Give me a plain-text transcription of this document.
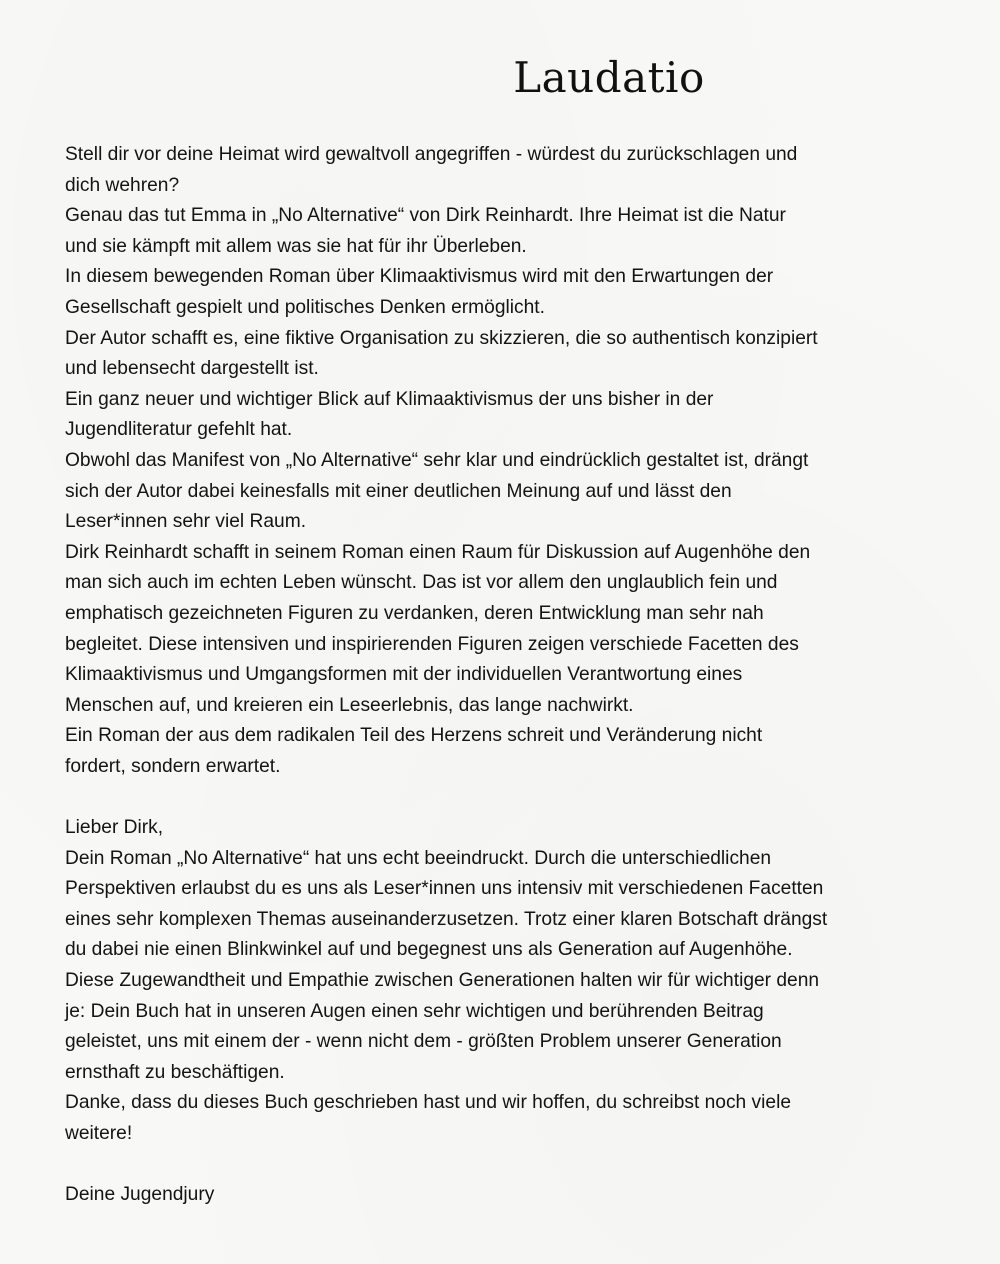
Laudatio
Stell dir vor deine Heimat wird gewaltvoll angegriffen - würdest du zurückschlagen und
dich wehren?
Genau das tut Emma in „No Alternative“ von Dirk Reinhardt. Ihre Heimat ist die Natur
und sie kämpft mit allem was sie hat für ihr Überleben.
In diesem bewegenden Roman über Klimaaktivismus wird mit den Erwartungen der
Gesellschaft gespielt und politisches Denken ermöglicht.
Der Autor schafft es, eine fiktive Organisation zu skizzieren, die so authentisch konzipiert
und lebensecht dargestellt ist.
Ein ganz neuer und wichtiger Blick auf Klimaaktivismus der uns bisher in der
Jugendliteratur gefehlt hat.
Obwohl das Manifest von „No Alternative“ sehr klar und eindrücklich gestaltet ist, drängt
sich der Autor dabei keinesfalls mit einer deutlichen Meinung auf und lässt den
Leser*innen sehr viel Raum.
Dirk Reinhardt schafft in seinem Roman einen Raum für Diskussion auf Augenhöhe den
man sich auch im echten Leben wünscht. Das ist vor allem den unglaublich fein und
emphatisch gezeichneten Figuren zu verdanken, deren Entwicklung man sehr nah
begleitet. Diese intensiven und inspirierenden Figuren zeigen verschiede Facetten des
Klimaaktivismus und Umgangsformen mit der individuellen Verantwortung eines
Menschen auf, und kreieren ein Leseerlebnis, das lange nachwirkt.
Ein Roman der aus dem radikalen Teil des Herzens schreit und Veränderung nicht
fordert, sondern erwartet.
Lieber Dirk,
Dein Roman „No Alternative“ hat uns echt beeindruckt. Durch die unterschiedlichen
Perspektiven erlaubst du es uns als Leser*innen uns intensiv mit verschiedenen Facetten
eines sehr komplexen Themas auseinanderzusetzen. Trotz einer klaren Botschaft drängst
du dabei nie einen Blinkwinkel auf und begegnest uns als Generation auf Augenhöhe.
Diese Zugewandtheit und Empathie zwischen Generationen halten wir für wichtiger denn
je: Dein Buch hat in unseren Augen einen sehr wichtigen und berührenden Beitrag
geleistet, uns mit einem der - wenn nicht dem - größten Problem unserer Generation
ernsthaft zu beschäftigen.
Danke, dass du dieses Buch geschrieben hast und wir hoffen, du schreibst noch viele
weitere!
Deine Jugendjury
